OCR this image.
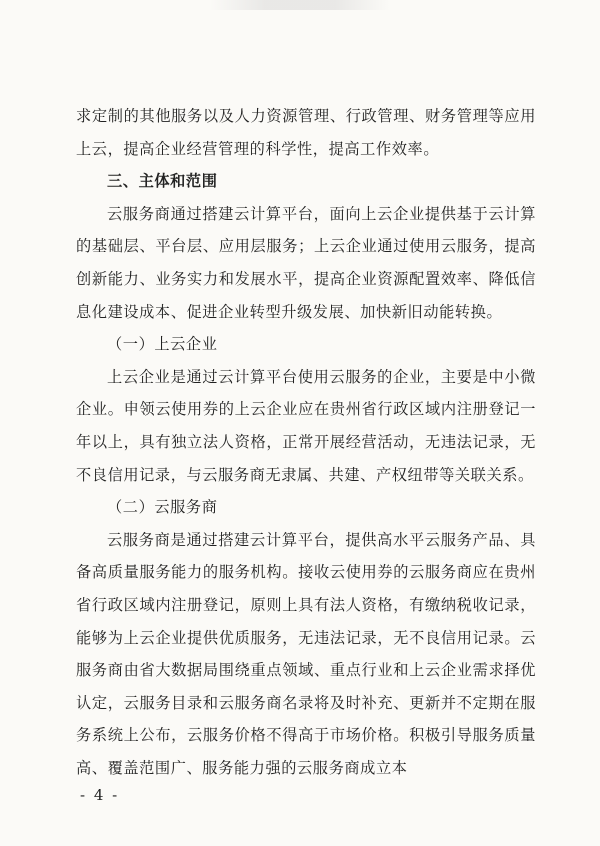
求定制的其他服务以及人力资源管理、行政管理、财务管理等应用上云，提高企业经营管理的科学性，提高工作效率。

三、主体和范围

云服务商通过搭建云计算平台，面向上云企业提供基于云计算的基础层、平台层、应用层服务；上云企业通过使用云服务，提高创新能力、业务实力和发展水平，提高企业资源配置效率、降低信息化建设成本、促进企业转型升级发展、加快新旧动能转换。

（一）上云企业

上云企业是通过云计算平台使用云服务的企业，主要是中小微企业。申领云使用券的上云企业应在贵州省行政区域内注册登记一年以上，具有独立法人资格，正常开展经营活动，无违法记录，无不良信用记录，与云服务商无隶属、共建、产权纽带等关联关系。

（二）云服务商

云服务商是通过搭建云计算平台，提供高水平云服务产品、具备高质量服务能力的服务机构。接收云使用券的云服务商应在贵州省行政区域内注册登记，原则上具有法人资格，有缴纳税收记录，能够为上云企业提供优质服务，无违法记录，无不良信用记录。云服务商由省大数据局围绕重点领域、重点行业和上云企业需求择优认定，云服务目录和云服务商名录将及时补充、更新并不定期在服务系统上公布，云服务价格不得高于市场价格。积极引导服务质量高、覆盖范围广、服务能力强的云服务商成立本

- 4 -
